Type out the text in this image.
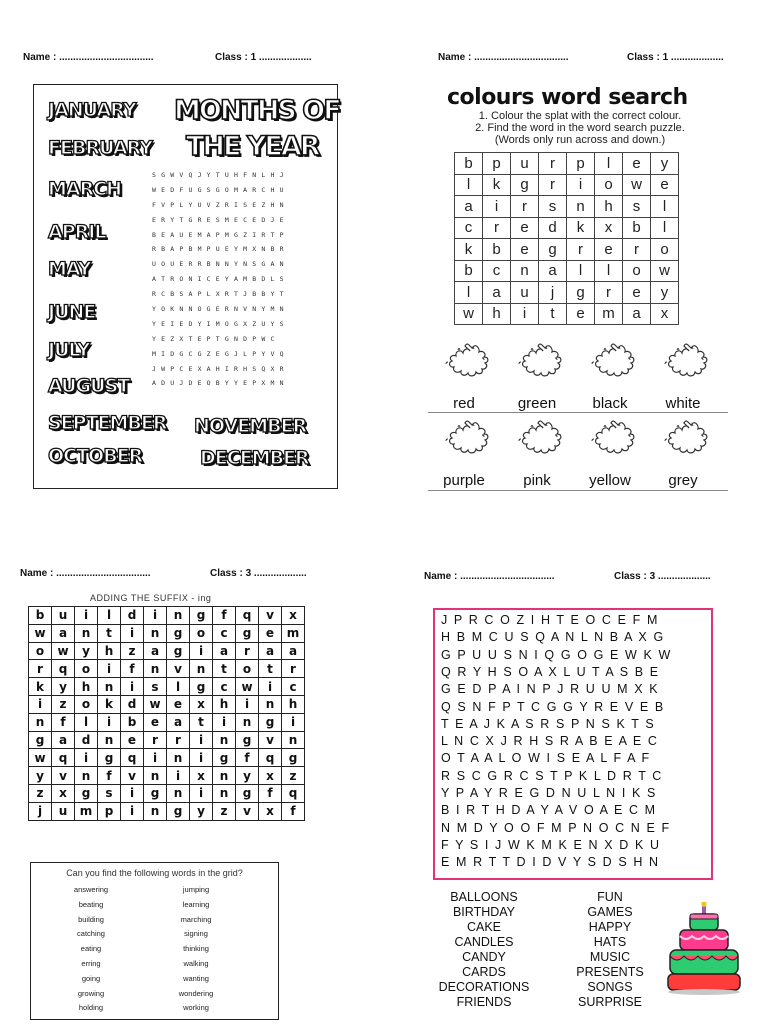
Name : ..................................	Class : 1 ...................
MONTHS OF
THE YEAR
JANUARY
FEBRUARY
MARCH
APRIL
MAY
JUNE
JULY
AUGUST
SEPTEMBER
OCTOBER
NOVEMBER
DECEMBER
SGWVQJYTUHFNLHJ
WEDFUGSGOMARCHU
FVPLYUVZRISEZHN
ERYTGRESMECEDJE
BEAUEMAPMGZIRTP
RBAPBMPUEYMXNBR
UOUERRBNNYNSGAN
ATRONICEYAMBDLS
RCBSAPLXRTJBBYT
YOKNNOGERNVNYMN
YEIEDYIMOGXZUYS
YEZXTEPTGNDPWC
MIDGCGZEGJLPYVQ
JWPCEXAHIRHSQXR
ADUJDEOBYYEPXMN
Name : ..................................	Class : 1 ...................
colours word search
1. Colour the splat with the correct colour.
2. Find the word in the word search puzzle.
(Words only run across and down.)
b	p	u	r	p	l	e	y
l	k	g	r	i	o	w	e
a	i	r	s	n	h	s	l
c	r	e	d	k	x	b	l
k	b	e	g	r	e	r	o
b	c	n	a	l	l	o	w
l	a	u	j	g	r	e	y
w	h	i	t	e	m	a	x
red	green	black	white
purple	pink	yellow	grey
Name : ..................................	Class : 3 ...................
ADDING THE SUFFIX - ing
b	u	i	l	d	i	n	g	f	q	v	x
w	a	n	t	i	n	g	o	c	g	e	m
o	w	y	h	z	a	g	i	a	r	a	a
r	q	o	i	f	n	v	n	t	o	t	r
k	y	h	n	i	s	l	g	c	w	i	c
i	z	o	k	d	w	e	x	h	i	n	h
n	f	l	i	b	e	a	t	i	n	g	i
g	a	d	n	e	r	r	i	n	g	v	n
w	q	i	g	q	i	n	i	g	f	q	g
y	v	n	f	v	n	i	x	n	y	x	z
z	x	g	s	i	g	n	i	n	g	f	q
j	u	m	p	i	n	g	y	z	v	x	f
Can you find the following words in the grid?
answering
beating
building
catching
eating
erring
going
growing
holding
jumping
learning
marching
signing
thinking
walking
wanting
wondering
working
Name : ..................................	Class : 3 ...................
J P R C O Z I H T E O C E F M
H B M C U S Q A N L N B A X G
G P U U S N I Q G O G E W K W
Q R Y H S O A X L U T A S B E
G E D P A I N P J R U U M X K
Q S N F P T C G G Y R E V E B
T E A J K A S R S P N S K T S
L N C X J R H S R A B E A E C
O T A A L O W I S E A L F A F
R S C G R C S T P K L D R T C
Y P A Y R E G D N U L N I K S
B I R T H D A Y A V O A E C M
N M D Y O O F M P N O C N E F
F Y S I J W K M K E N X D K U
E M R T T D I D V Y S D S H N
BALLOONS
BIRTHDAY
CAKE
CANDLES
CANDY
CARDS
DECORATIONS
FRIENDS
FUN
GAMES
HAPPY
HATS
MUSIC
PRESENTS
SONGS
SURPRISE
